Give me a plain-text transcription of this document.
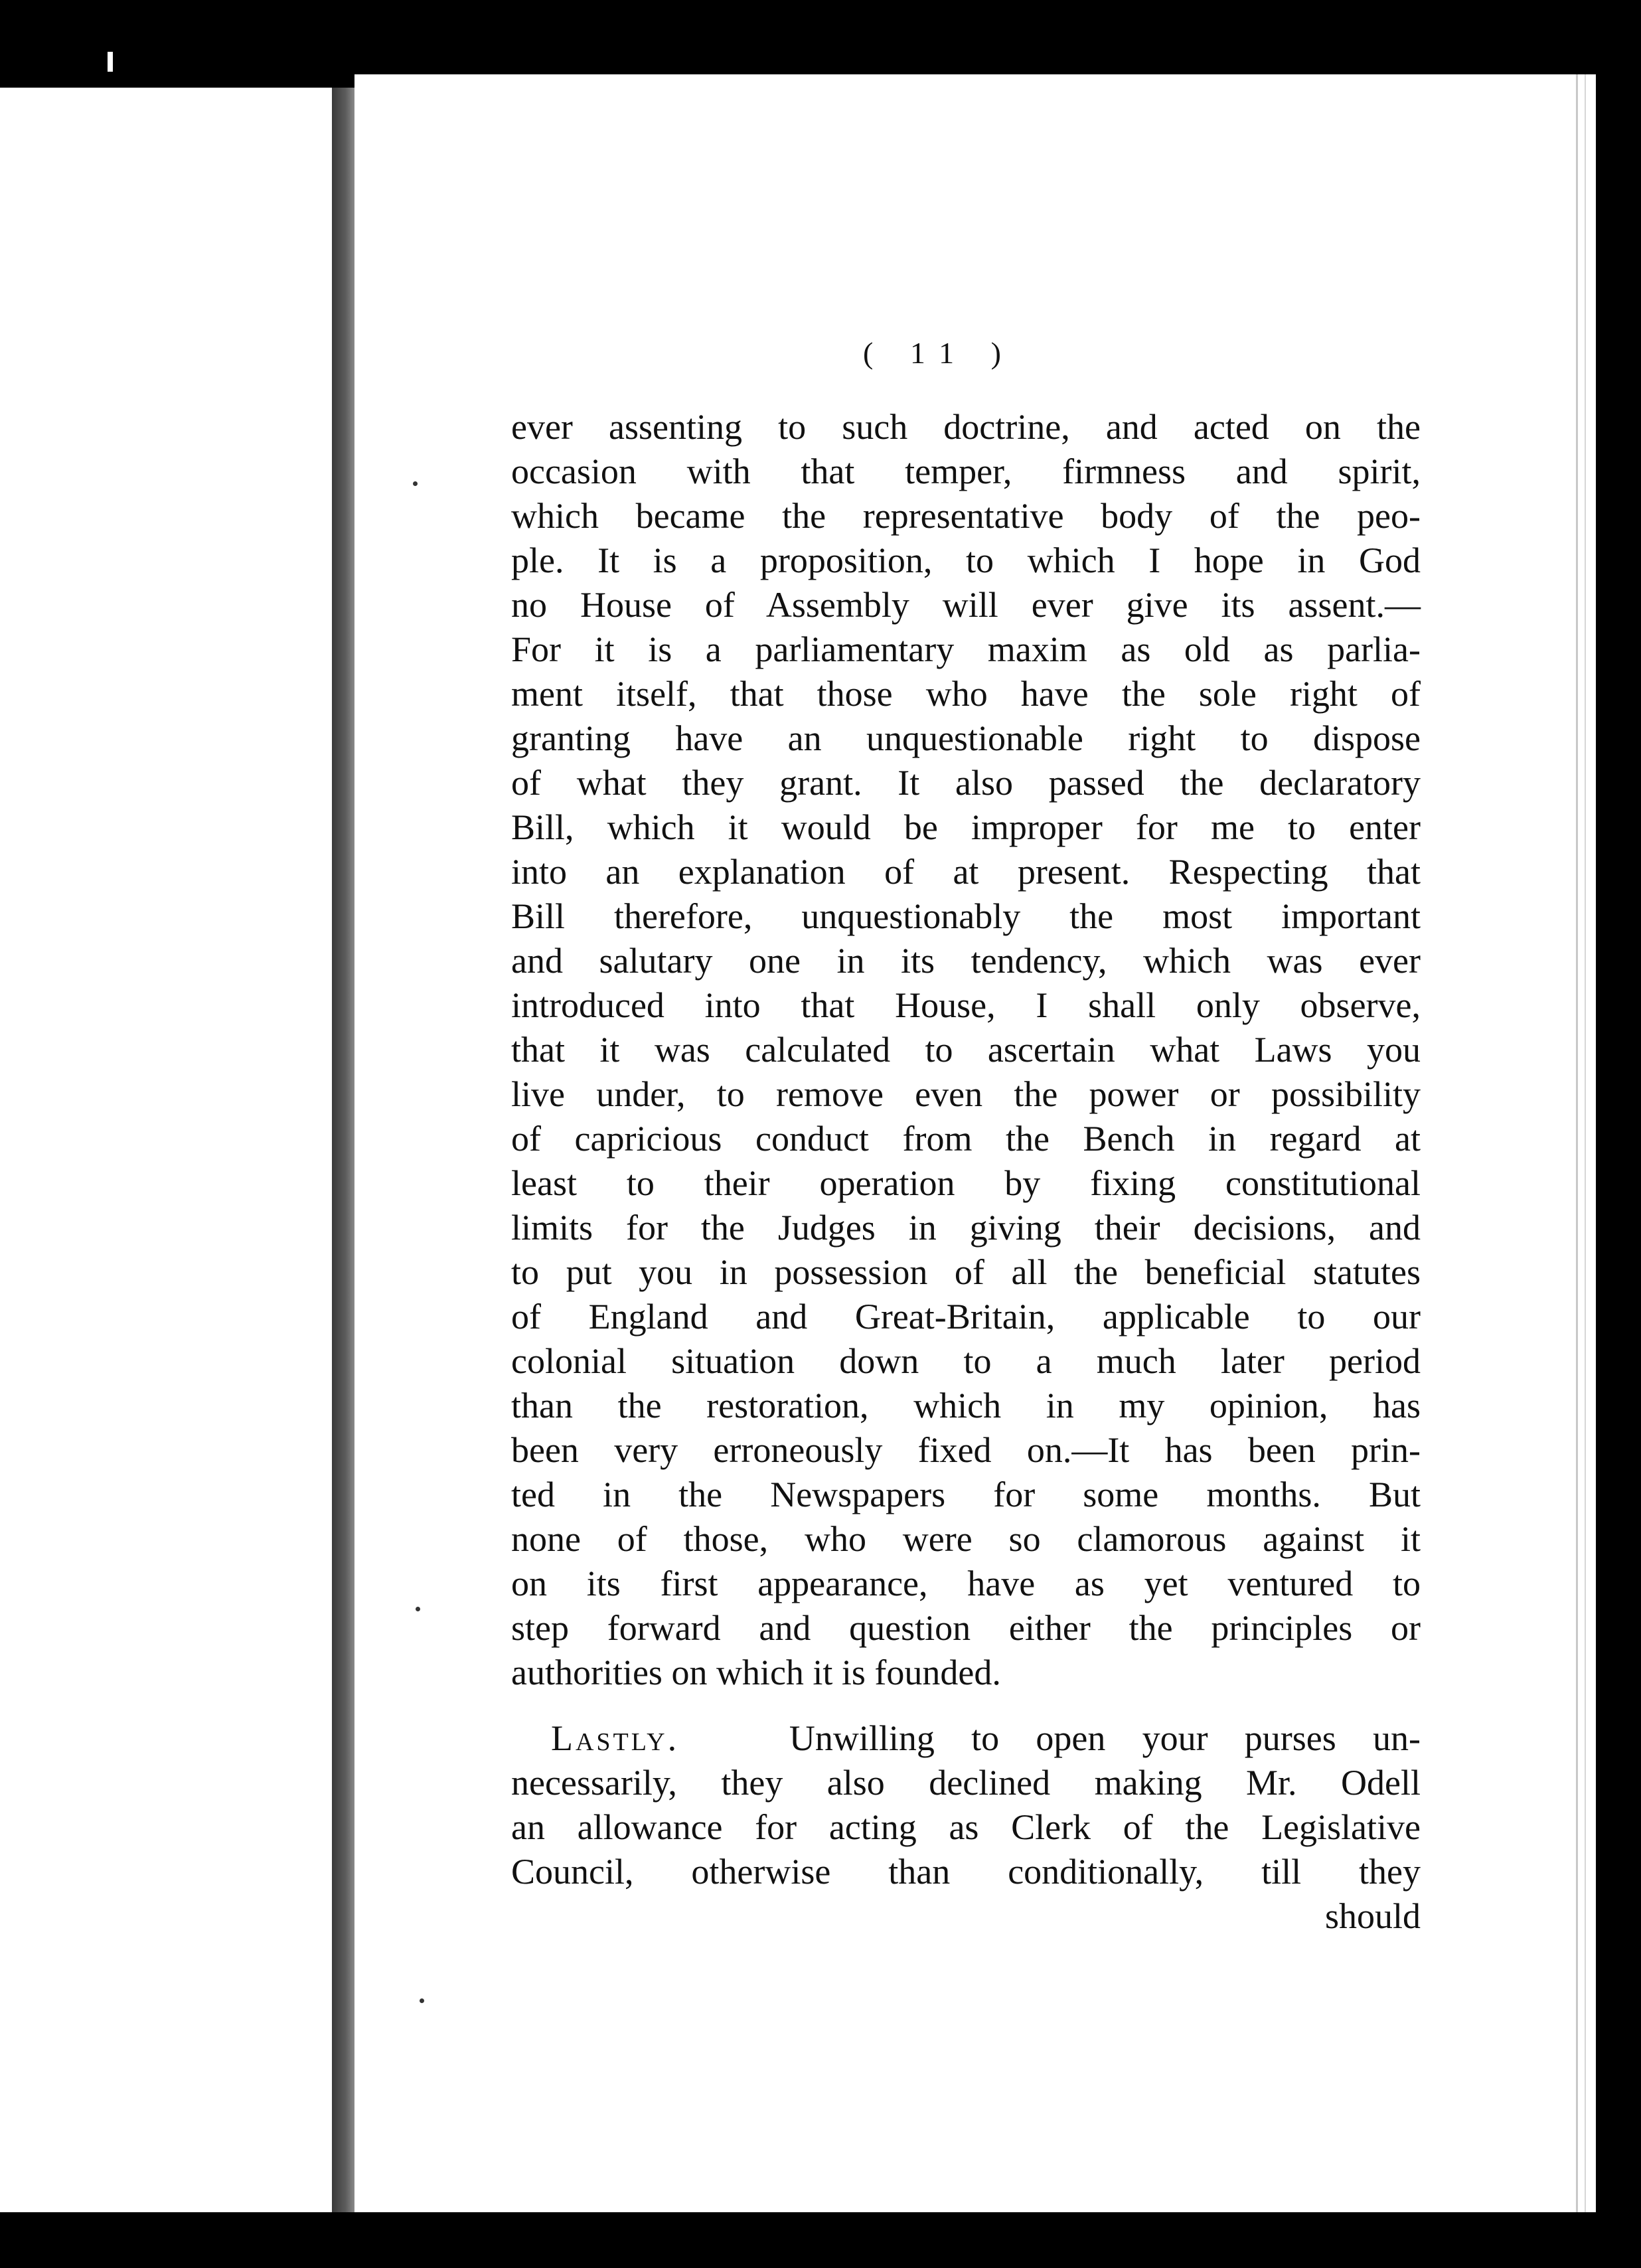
( 11 )
ever assenting to such doctrine, and acted on the
occasion with that temper, firmness and spirit,
which became the representative body of the peo-
ple. It is a proposition, to which I hope in God
no House of Assembly will ever give its assent.—
For it is a parliamentary maxim as old as parlia-
ment itself, that those who have the sole right of
granting have an unquestionable right to dispose
of what they grant. It also passed the declaratory
Bill, which it would be improper for me to enter
into an explanation of at present. Respecting that
Bill therefore, unquestionably the most important
and salutary one in its tendency, which was ever
introduced into that House, I shall only observe,
that it was calculated to ascertain what Laws you
live under, to remove even the power or possibility
of capricious conduct from the Bench in regard at
least to their operation by fixing constitutional
limits for the Judges in giving their decisions, and
to put you in possession of all the beneficial statutes
of England and Great-Britain, applicable to our
colonial situation down to a much later period
than the restoration, which in my opinion, has
been very erroneously fixed on.—It has been prin-
ted in the Newspapers for some months. But
none of those, who were so clamorous against it
on its first appearance, have as yet ventured to
step forward and question either the principles or
authorities on which it is founded.
Lastly.	Unwilling to open your purses un-
necessarily, they also declined making Mr. Odell
an allowance for acting as Clerk of the Legislative
Council, otherwise than conditionally, till they
should
